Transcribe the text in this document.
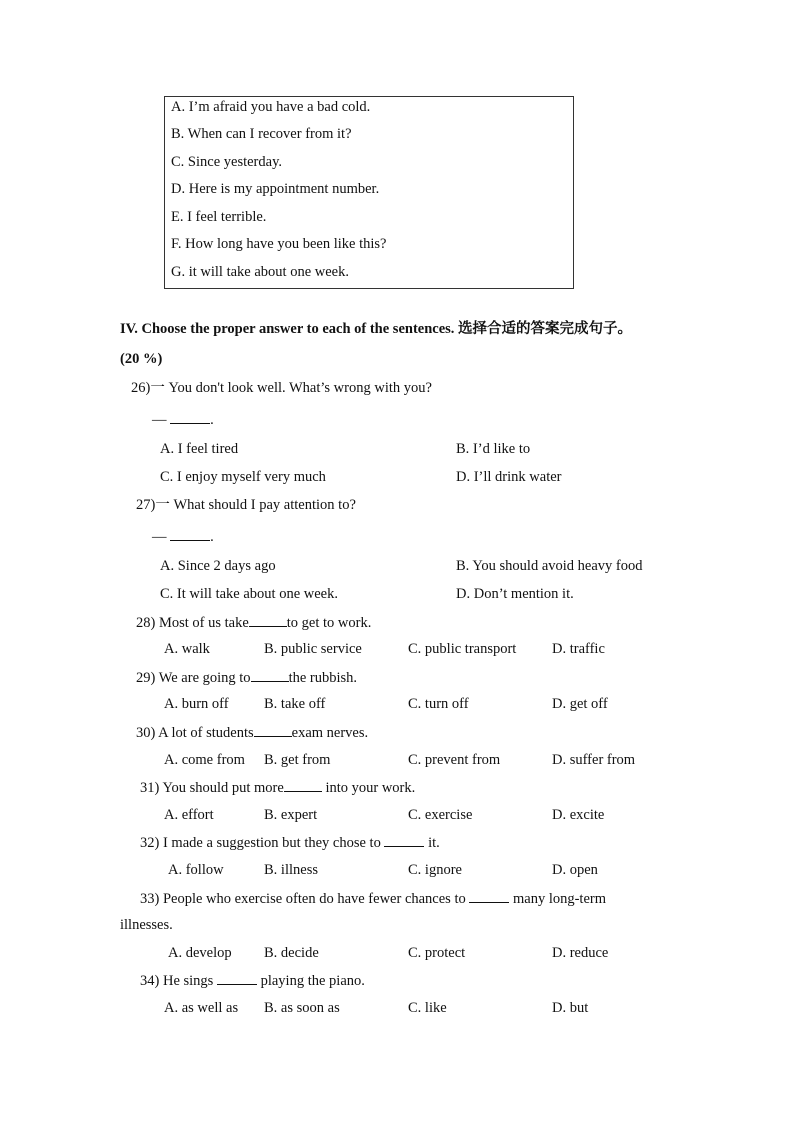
A. I’m afraid you have a bad cold.
B. When can I recover from it?
C. Since yesterday.
D. Here is my appointment number.
E. I feel terrible.
F. How long have you been like this?
G. it will take about one week.
IV. Choose the proper answer to each of the sentences. 选择合适的答案完成句子。
(20 %)
26)一 You don't look well. What’s wrong with you?
—	.
A. I feel tired	B. I’d like to
C. I enjoy myself very much	D. I’ll drink water
27)一 What should I pay attention to?
—	.
A. Since 2 days ago	B. You should avoid heavy food
C. It will take about one week.	D. Don’t mention it.
28) Most of us take	to get to work.
A. walk	B. public service	C. public transport D. traffic
29) We are going to	the rubbish.
A. burn off B. take off	C. turn off	D. get off
30) A lot of students	exam nerves.
A. come from B. get from	C. prevent from	D. suffer from
31) You should put more	into your work.
A. effort	B. expert	C. exercise	D. excite
32) I made a suggestion but they chose to	it.
A. follow	B. illness	C. ignore	D. open
33) People who exercise often do have fewer chances to	many long-term
illnesses.
A. develop B. decide	C. protect	D. reduce
34) He sings	playing the piano.
A. as well as B. as soon as	C. like	D. but
